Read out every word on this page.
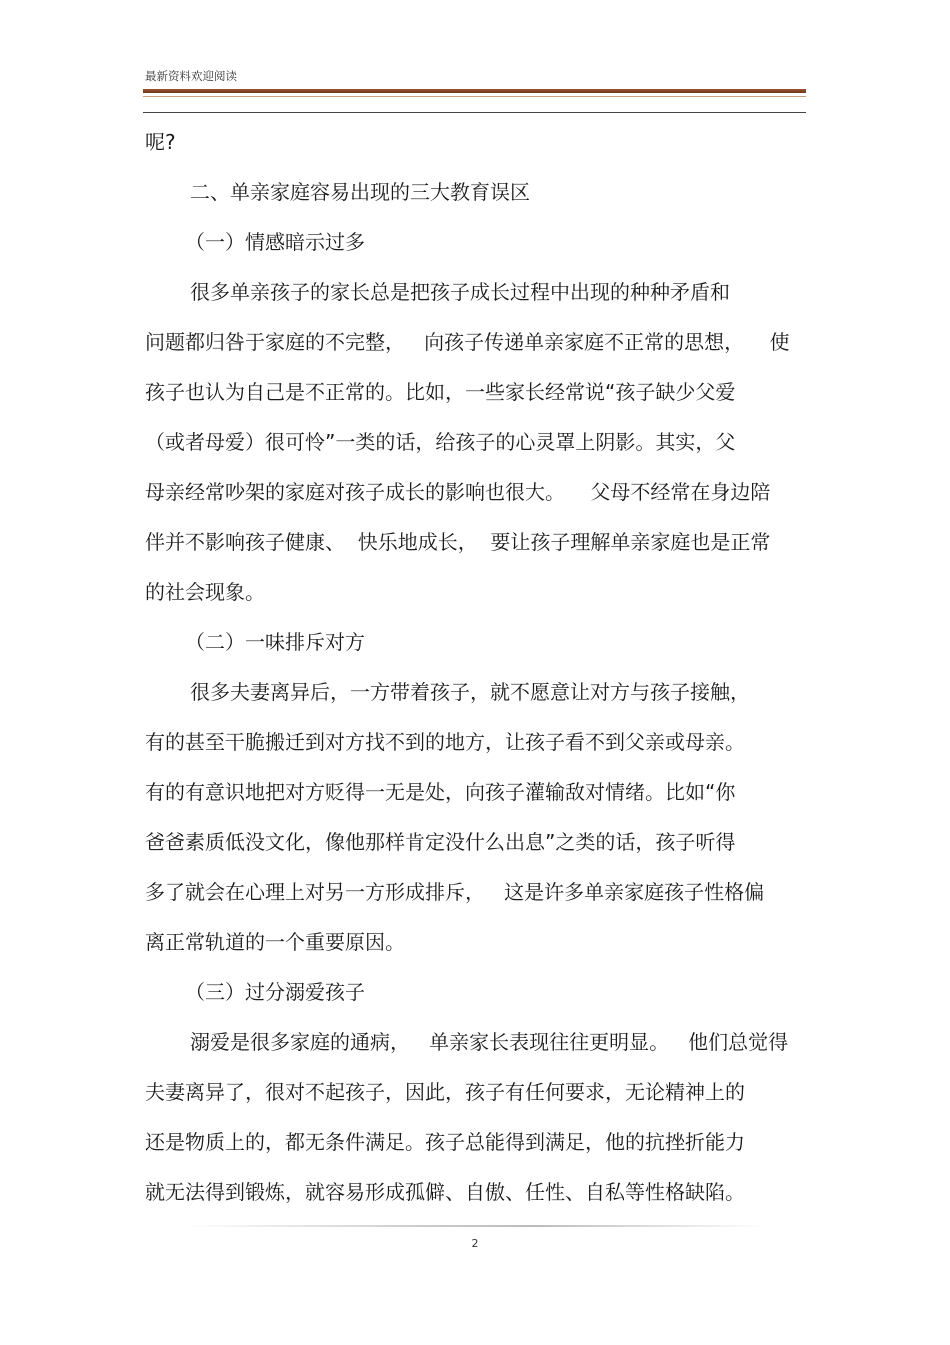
最新资料欢迎阅读
呢?
二、单亲家庭容易出现的三大教育误区
（一）情感暗示过多
很多单亲孩子的家长总是把孩子成长过程中出现的种种矛盾和
问题都归咎于家庭的不完整，   向孩子传递单亲家庭不正常的思想，    使
孩子也认为自己是不正常的。比如，一些家长经常说“孩子缺少父爱
（或者母爱）很可怜”一类的话，给孩子的心灵罩上阴影。其实，父
母亲经常吵架的家庭对孩子成长的影响也很大。    父母不经常在身边陪
伴并不影响孩子健康、  快乐地成长，  要让孩子理解单亲家庭也是正常
的社会现象。
（二）一味排斥对方
很多夫妻离异后，一方带着孩子，就不愿意让对方与孩子接触，
有的甚至干脆搬迁到对方找不到的地方，让孩子看不到父亲或母亲。
有的有意识地把对方贬得一无是处，向孩子灌输敌对情绪。比如“你
爸爸素质低没文化，像他那样肯定没什么出息”之类的话，孩子听得
多了就会在心理上对另一方形成排斥，   这是许多单亲家庭孩子性格偏
离正常轨道的一个重要原因。
（三）过分溺爱孩子
溺爱是很多家庭的通病，   单亲家长表现往往更明显。   他们总觉得
夫妻离异了，很对不起孩子，因此，孩子有任何要求，无论精神上的
还是物质上的，都无条件满足。孩子总能得到满足，他的抗挫折能力
就无法得到锻炼，就容易形成孤僻、自傲、任性、自私等性格缺陷。
2
